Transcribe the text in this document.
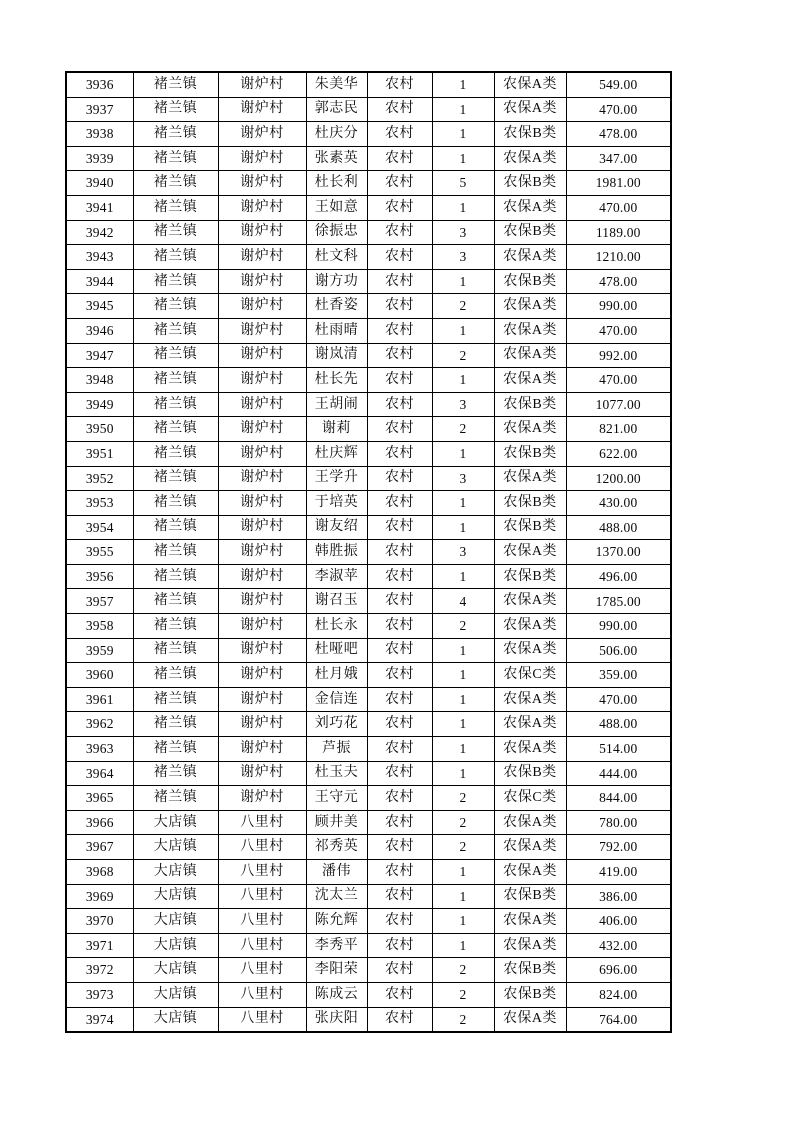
3936	褚兰镇	谢炉村	朱美华	农村	1	农保A类	549.00
3937	褚兰镇	谢炉村	郭志民	农村	1	农保A类	470.00
3938	褚兰镇	谢炉村	杜庆分	农村	1	农保B类	478.00
3939	褚兰镇	谢炉村	张素英	农村	1	农保A类	347.00
3940	褚兰镇	谢炉村	杜长利	农村	5	农保B类	1981.00
3941	褚兰镇	谢炉村	王如意	农村	1	农保A类	470.00
3942	褚兰镇	谢炉村	徐振忠	农村	3	农保B类	1189.00
3943	褚兰镇	谢炉村	杜文科	农村	3	农保A类	1210.00
3944	褚兰镇	谢炉村	谢方功	农村	1	农保B类	478.00
3945	褚兰镇	谢炉村	杜香姿	农村	2	农保A类	990.00
3946	褚兰镇	谢炉村	杜雨晴	农村	1	农保A类	470.00
3947	褚兰镇	谢炉村	谢岚清	农村	2	农保A类	992.00
3948	褚兰镇	谢炉村	杜长先	农村	1	农保A类	470.00
3949	褚兰镇	谢炉村	王胡闹	农村	3	农保B类	1077.00
3950	褚兰镇	谢炉村	谢莉	农村	2	农保A类	821.00
3951	褚兰镇	谢炉村	杜庆辉	农村	1	农保B类	622.00
3952	褚兰镇	谢炉村	王学升	农村	3	农保A类	1200.00
3953	褚兰镇	谢炉村	于培英	农村	1	农保B类	430.00
3954	褚兰镇	谢炉村	谢友绍	农村	1	农保B类	488.00
3955	褚兰镇	谢炉村	韩胜振	农村	3	农保A类	1370.00
3956	褚兰镇	谢炉村	李淑苹	农村	1	农保B类	496.00
3957	褚兰镇	谢炉村	谢召玉	农村	4	农保A类	1785.00
3958	褚兰镇	谢炉村	杜长永	农村	2	农保A类	990.00
3959	褚兰镇	谢炉村	杜哑吧	农村	1	农保A类	506.00
3960	褚兰镇	谢炉村	杜月娥	农村	1	农保C类	359.00
3961	褚兰镇	谢炉村	金信连	农村	1	农保A类	470.00
3962	褚兰镇	谢炉村	刘巧花	农村	1	农保A类	488.00
3963	褚兰镇	谢炉村	芦振	农村	1	农保A类	514.00
3964	褚兰镇	谢炉村	杜玉夫	农村	1	农保B类	444.00
3965	褚兰镇	谢炉村	王守元	农村	2	农保C类	844.00
3966	大店镇	八里村	顾井美	农村	2	农保A类	780.00
3967	大店镇	八里村	祁秀英	农村	2	农保A类	792.00
3968	大店镇	八里村	潘伟	农村	1	农保A类	419.00
3969	大店镇	八里村	沈太兰	农村	1	农保B类	386.00
3970	大店镇	八里村	陈允辉	农村	1	农保A类	406.00
3971	大店镇	八里村	李秀平	农村	1	农保A类	432.00
3972	大店镇	八里村	李阳荣	农村	2	农保B类	696.00
3973	大店镇	八里村	陈成云	农村	2	农保B类	824.00
3974	大店镇	八里村	张庆阳	农村	2	农保A类	764.00
